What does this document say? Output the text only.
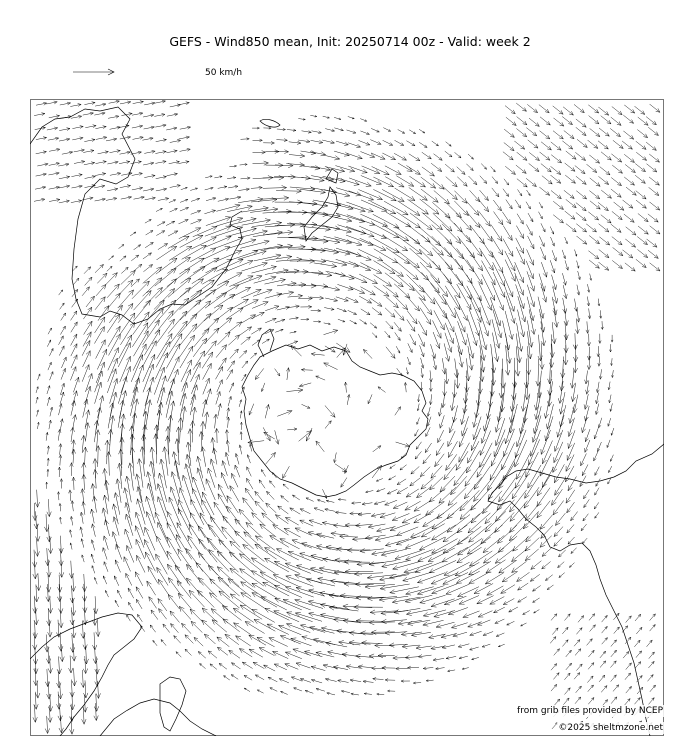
GEFS - Wind850 mean, Init: 20250714 00z - Valid: week 2
50 km/h
from grib files provided by NCEP
©2025 sheltmzone.net
